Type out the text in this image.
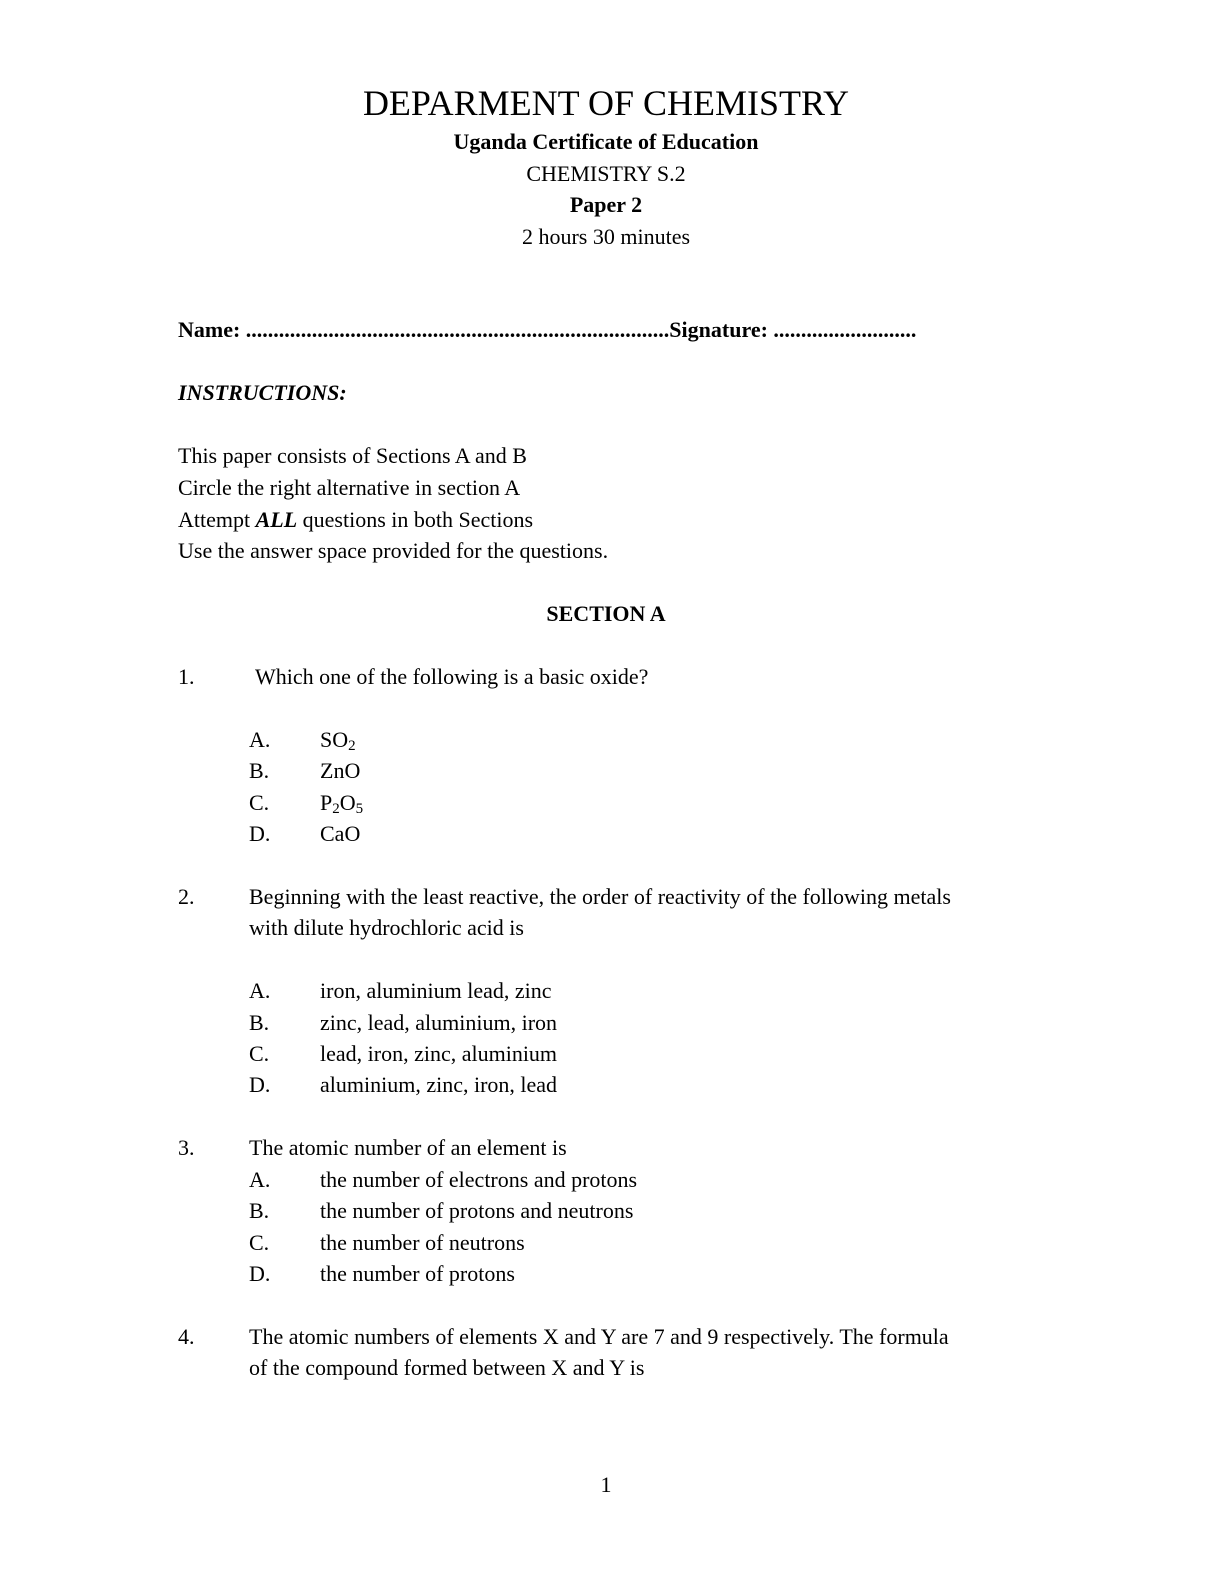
DEPARMENT OF CHEMISTRY
Uganda Certificate of Education
CHEMISTRY S.2
Paper 2
2 hours 30 minutes
Name: .............................................................................Signature: ..........................
INSTRUCTIONS:
This paper consists of Sections A and B
Circle the right alternative in section A
Attempt ALL questions in both Sections
Use the answer space provided for the questions.
SECTION A
1.	Which one of the following is a basic oxide?
A. $SO_2$
B. ZnO
C. $P_2O_5$
D. CaO
2. Beginning with the least reactive, the order of reactivity of the following metals
with dilute hydrochloric acid is
A. iron, aluminium lead, zinc
B. zinc, lead, aluminium, iron
C. lead, iron, zinc, aluminium
D. aluminium, zinc, iron, lead
3. The atomic number of an element is
A. the number of electrons and protons
B. the number of protons and neutrons
C. the number of neutrons
D. the number of protons
4. The atomic numbers of elements X and Y are 7 and 9 respectively. The formula
of the compound formed between X and Y is
1
